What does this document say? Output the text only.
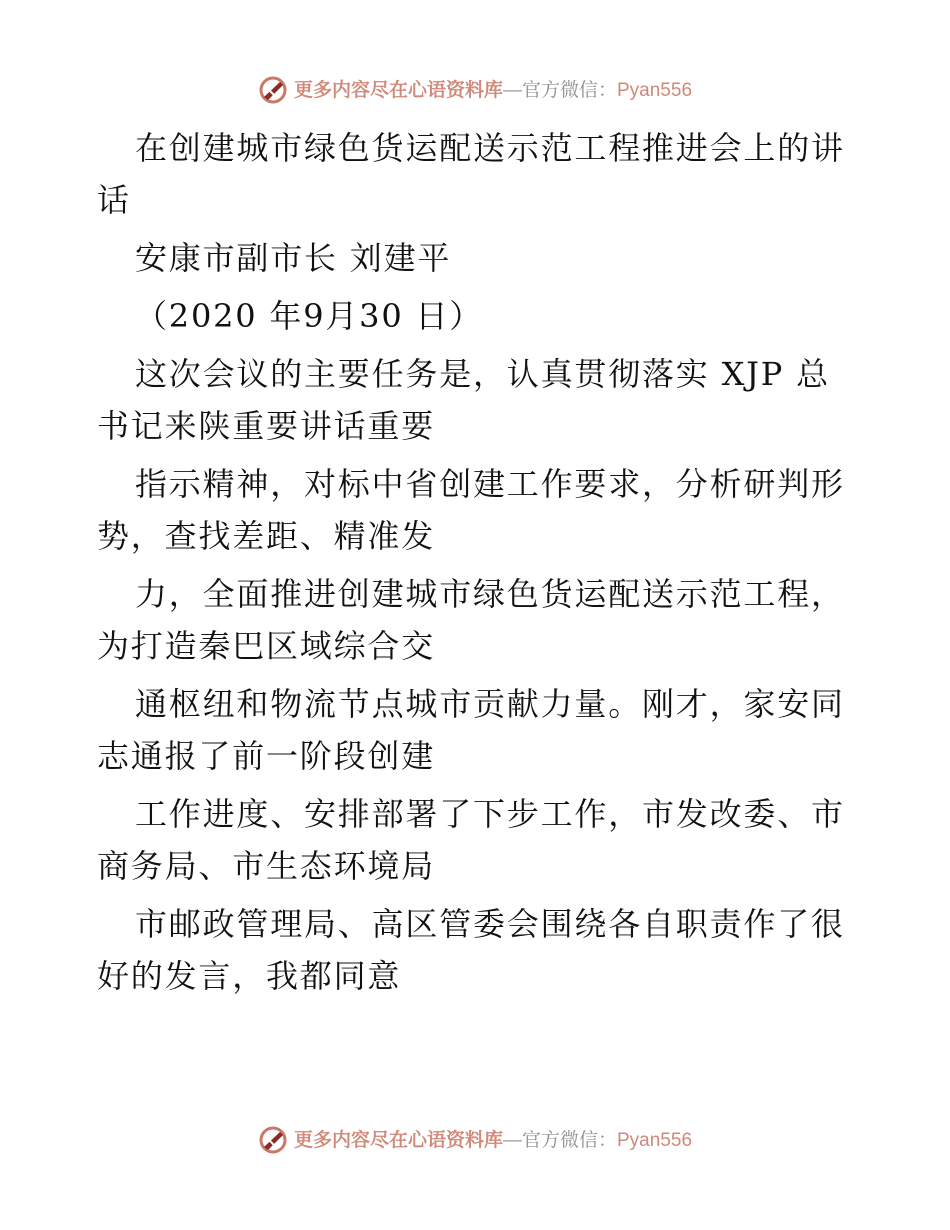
更多内容尽在心语资料库—官方微信：Pyan556

在创建城市绿色货运配送示范工程推进会上的讲话

安康市副市长 刘建平

（2020 年9月30 日）

这次会议的主要任务是，认真贯彻落实 XJP 总书记来陕重要讲话重要

指示精神，对标中省创建工作要求，分析研判形势，查找差距、精准发

力，全面推进创建城市绿色货运配送示范工程，为打造秦巴区域综合交

通枢纽和物流节点城市贡献力量。刚才，家安同志通报了前一阶段创建

工作进度、安排部署了下步工作，市发改委、市商务局、市生态环境局

市邮政管理局、高区管委会围绕各自职责作了很好的发言，我都同意

更多内容尽在心语资料库—官方微信：Pyan556
